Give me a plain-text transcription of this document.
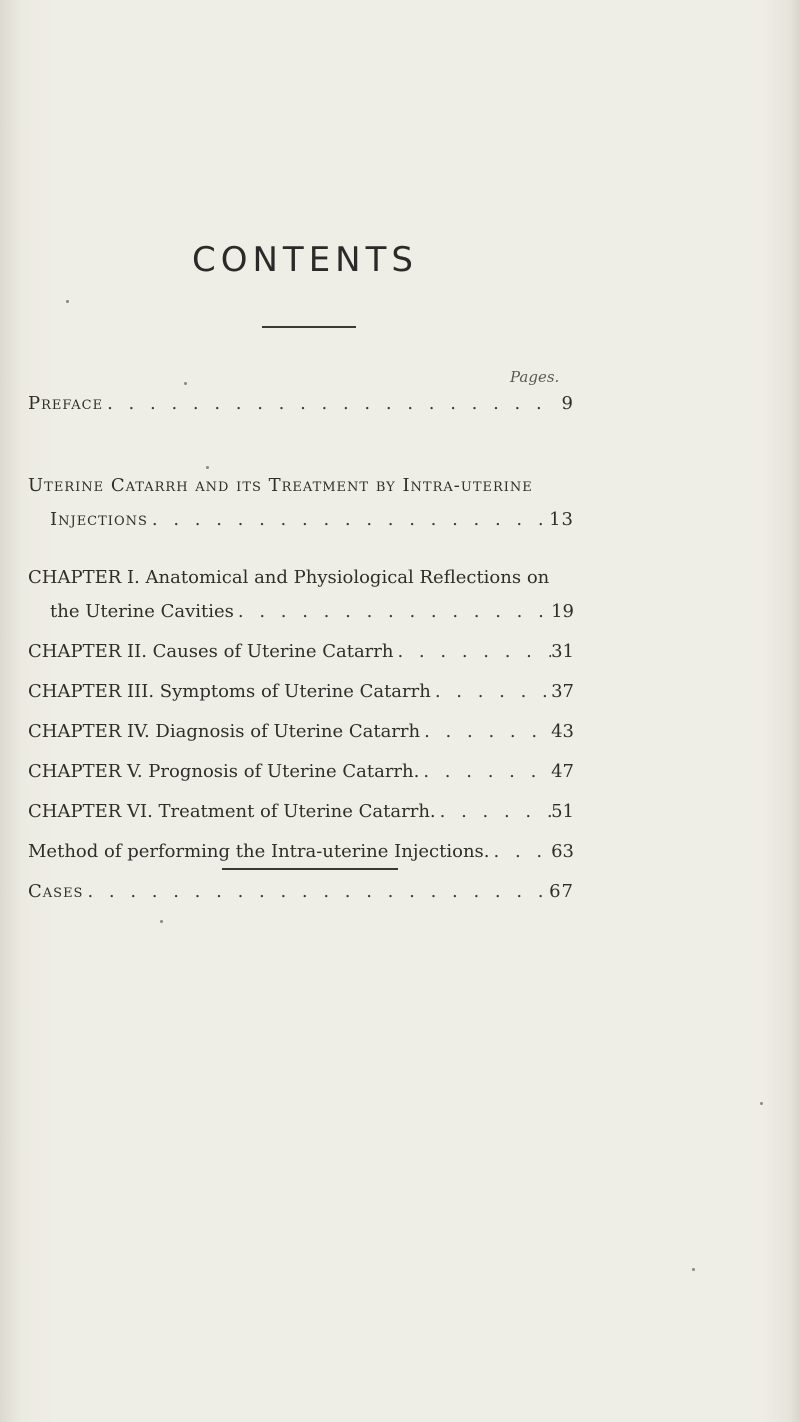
CONTENTS
Pages.
Preface . . .	9
Uterine Catarrh and its Treatment by Intra-uterine
Injections . . .	13
CHAPTER I. Anatomical and Physiological Reflections on
the Uterine Cavities . . .	19
CHAPTER II. Causes of Uterine Catarrh . . .	31
CHAPTER III. Symptoms of Uterine Catarrh . . .	37
CHAPTER IV. Diagnosis of Uterine Catarrh . . .	43
CHAPTER V. Prognosis of Uterine Catarrh. . . .	47
CHAPTER VI. Treatment of Uterine Catarrh. . . .	51
Method of performing the Intra-uterine Injections. . . .	63
Cases . . .	67
